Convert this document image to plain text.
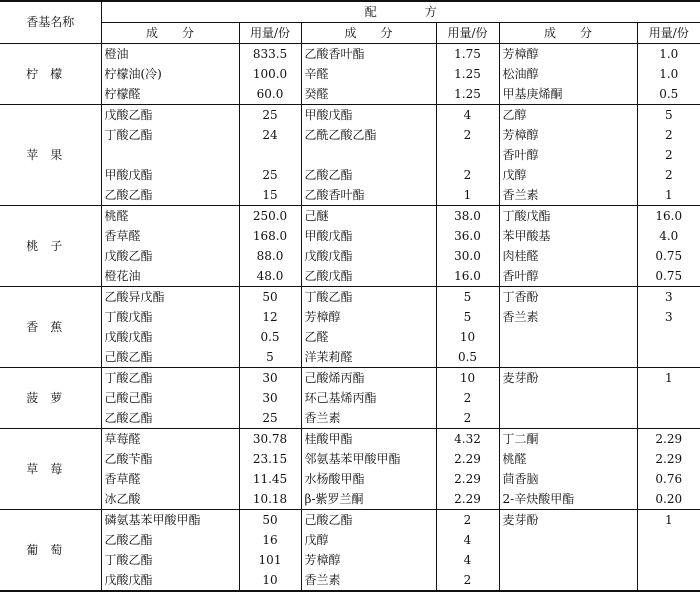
香基名称	配　　　　方					
	成　　分	用量/份	成　　分	用量/份	成　　分	用量/份
柠檬	橙油	833.5	乙酸香叶酯	1.75	芳樟醇	1.0
	柠檬油(冷)	100.0	辛醛	1.25	松油醇	1.0
	柠檬醛	60.0	癸醛	1.25	甲基庚烯酮	0.5
苹果	戊酸乙酯	25	甲酸戊酯	4	乙醇	5
	丁酸乙酯	24	乙酰乙酸乙酯	2	芳樟醇	2
					香叶醇	2
	甲酸戊酯	25	乙酸乙酯	2	戊醇	2
	乙酸乙酯	15	乙酸香叶酯	1	香兰素	1
桃子	桃醛	250.0	己醚	38.0	丁酸戊酯	16.0
	香草醛	168.0	甲酸戊酯	36.0	苯甲酸基	4.0
	戊酸乙酯	88.0	戊酸戊酯	30.0	肉桂醛	0.75
	橙花油	48.0	乙酸戊酯	16.0	香叶醇	0.75
香蕉	乙酸异戊酯	50	丁酸乙酯	5	丁香酚	3
	丁酸戊酯	12	芳樟醇	5	香兰素	3
	戊酸戊酯	0.5	乙醛	10		
	己酸乙酯	5	洋茉莉醛	0.5		
菠萝	丁酸乙酯	30	己酸烯丙酯	10	麦芽酚	1
	己酸己酯	30	环己基烯丙酯	2		
	乙酸乙酯	25	香兰素	2		
草莓	草莓醛	30.78	桂酸甲酯	4.32	丁二酮	2.29
	乙酸苄酯	23.15	邻氨基苯甲酸甲酯	2.29	桃醛	2.29
	香草醛	11.45	水杨酸甲酯	2.29	茴香脑	0.76
	冰乙酸	10.18	β-紫罗兰酮	2.29	2-辛炔酸甲酯	0.20
葡萄	磷氨基苯甲酸甲酯	50	己酸乙酯	2	麦芽酚	1
	乙酸乙酯	16	戊醇	4		
	丁酸乙酯	101	芳樟醇	4		
	戊酸戊酯	10	香兰素	2		
